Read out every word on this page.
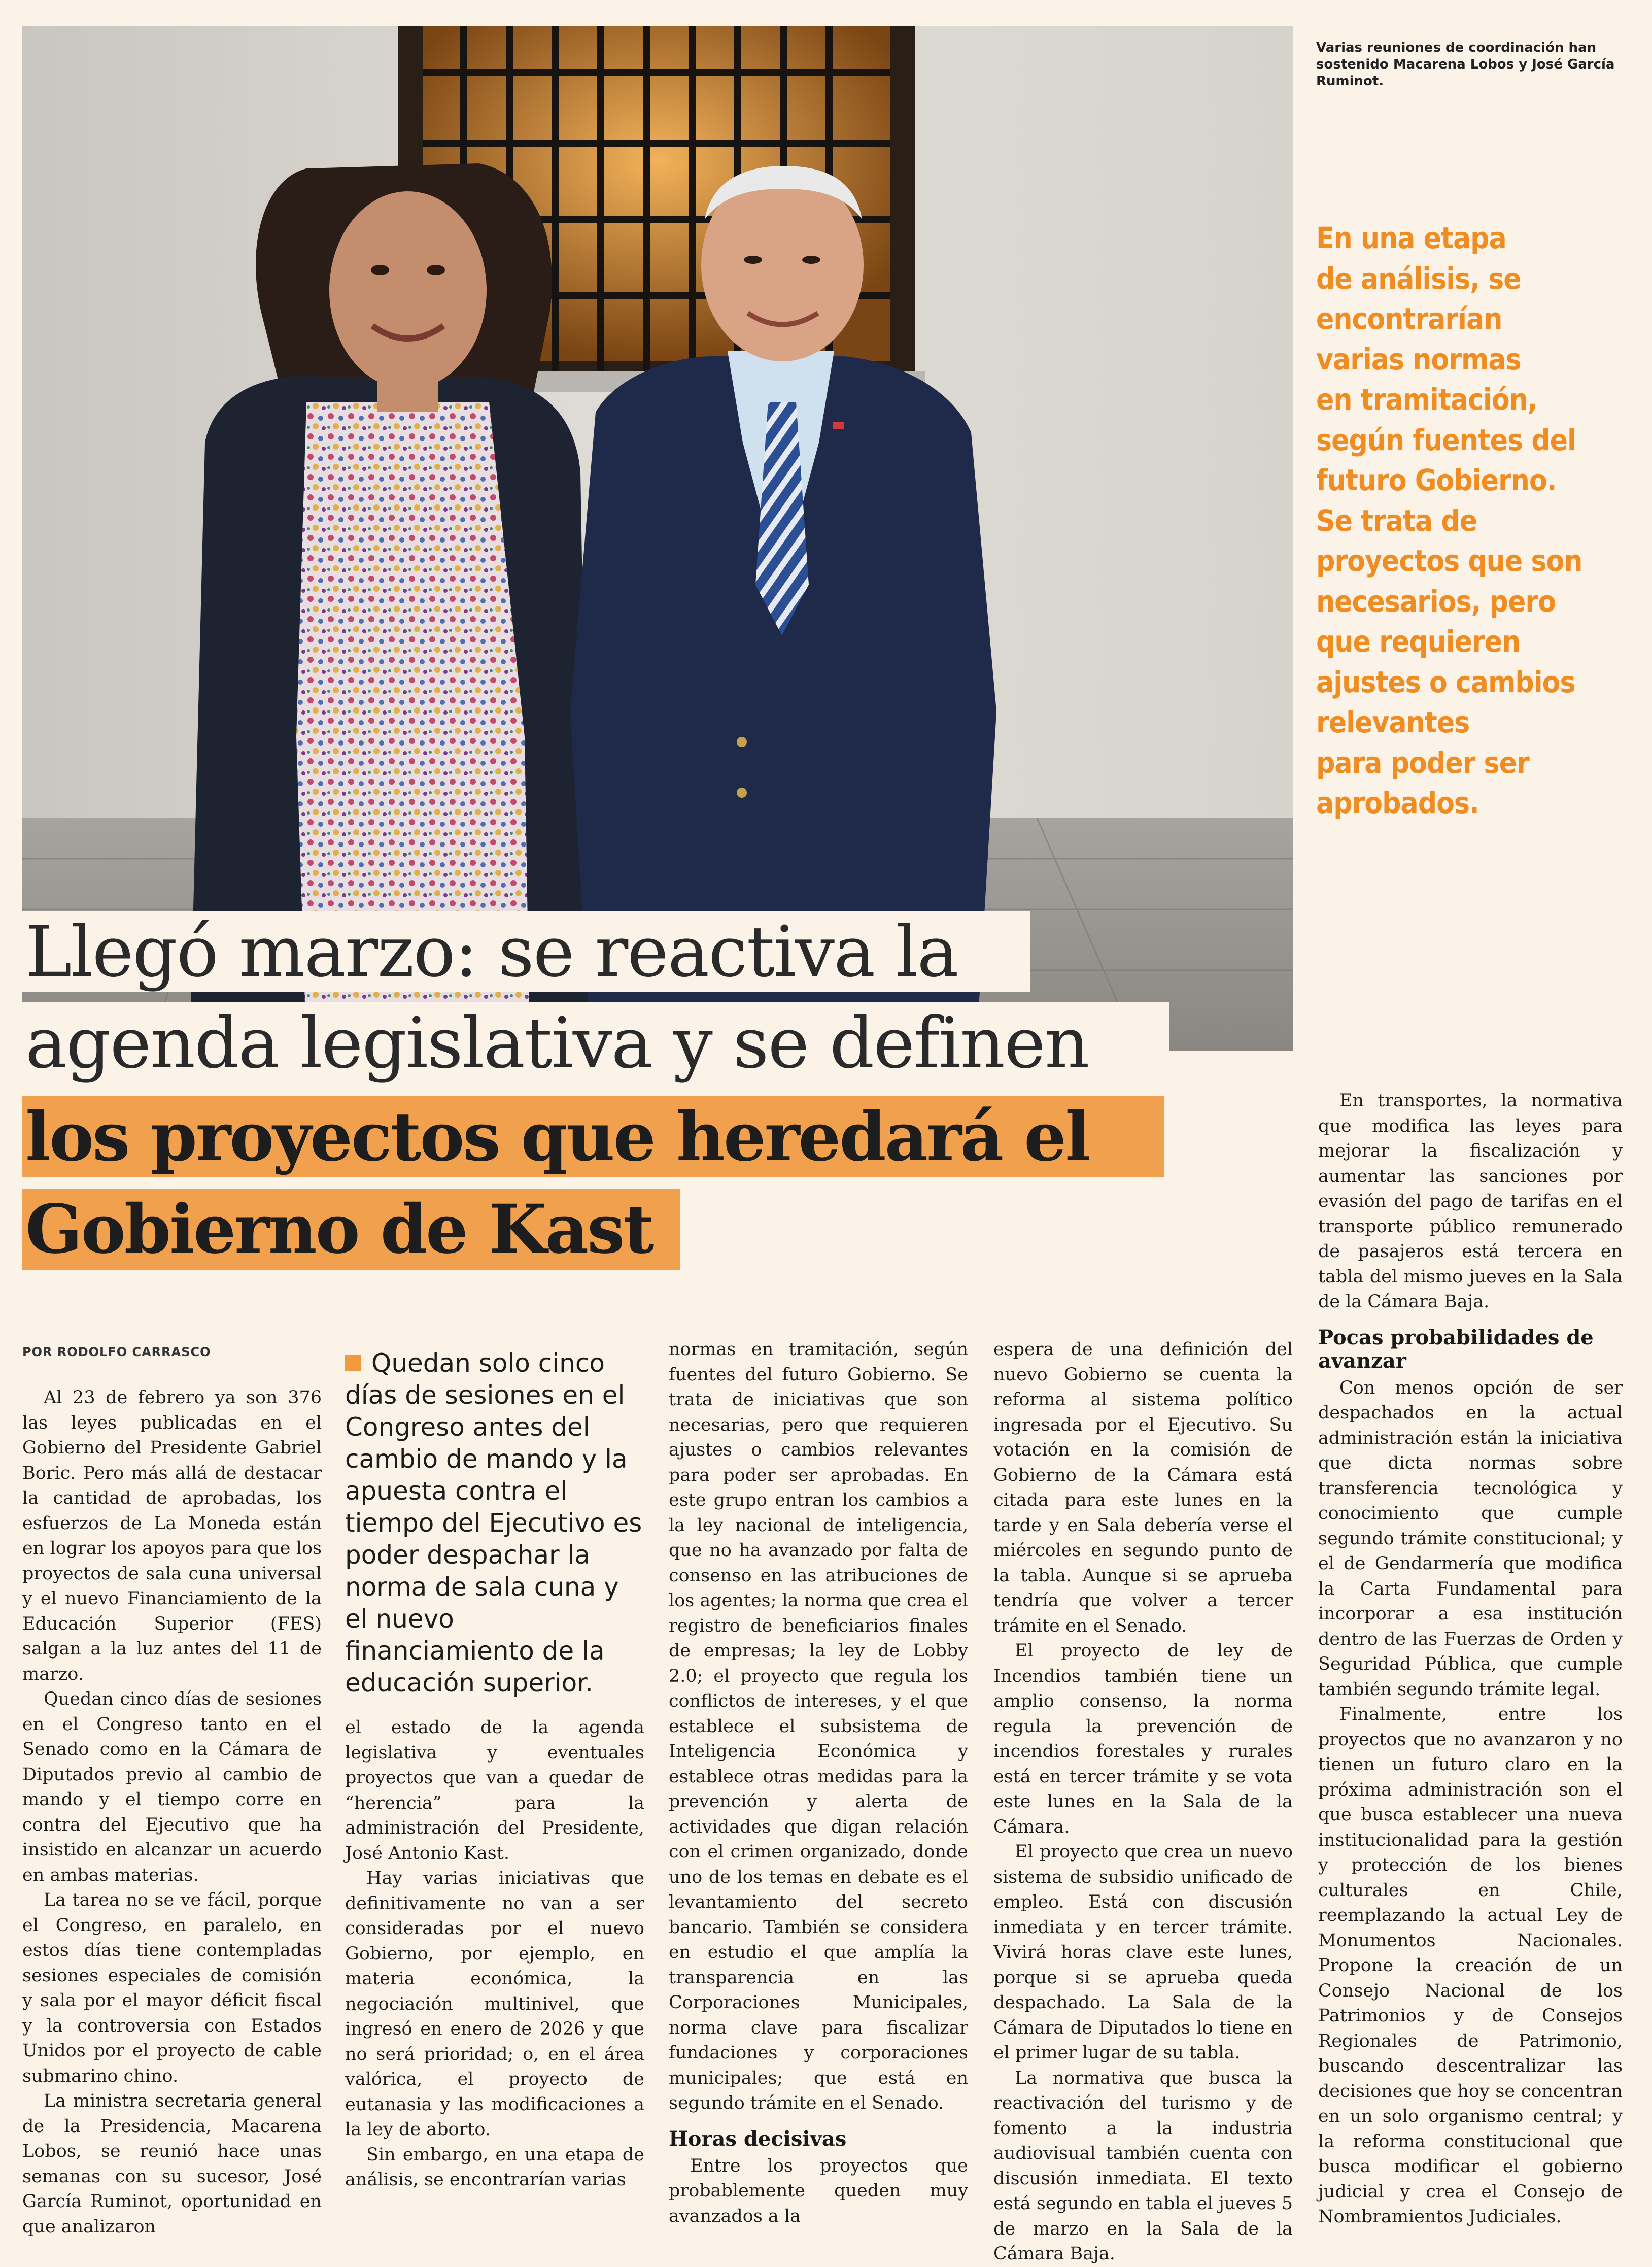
Varias reuniones de coordinación han sostenido Macarena Lobos y José García Ruminot.
En una etapa
de análisis, se
encontrarían
varias normas
en tramitación,
según fuentes del
futuro Gobierno.
Se trata de
proyectos que son
necesarios, pero
que requieren
ajustes o cambios
relevantes
para poder ser
aprobados.
Llegó marzo: se reactiva la
agenda legislativa y se definen
los proyectos que heredará el
Gobierno de Kast
POR RODOLFO CARRASCO

Al 23 de febrero ya son 376 las leyes publicadas en el Gobierno del Presidente Gabriel Boric. Pero más allá de destacar la cantidad de aprobadas, los esfuerzos de La Moneda están en lograr los apoyos para que los proyectos de sala cuna universal y el nuevo Financiamiento de la Educación Superior (FES) salgan a la luz antes del 11 de marzo.

Quedan cinco días de sesiones en el Congreso tanto en el Senado como en la Cámara de Diputados previo al cambio de mando y el tiempo corre en contra del Ejecutivo que ha insistido en alcanzar un acuerdo en ambas materias.

La tarea no se ve fácil, porque el Congreso, en paralelo, en estos días tiene contempladas sesiones especiales de comisión y sala por el mayor déficit fiscal y la controversia con Estados Unidos por el proyecto de cable submarino chino.

La ministra secretaria general de la Presidencia, Macarena Lobos, se reunió hace unas semanas con su sucesor, José García Ruminot, oportunidad en que analizaron

Quedan solo cinco días de sesiones en el Congreso antes del cambio de mando y la apuesta contra el tiempo del Ejecutivo es poder despachar la norma de sala cuna y el nuevo financiamiento de la educación superior.

el estado de la agenda legislativa y eventuales proyectos que van a quedar de “herencia” para la administración del Presidente, José Antonio Kast.

Hay varias iniciativas que definitivamente no van a ser consideradas por el nuevo Gobierno, por ejemplo, en materia económica, la negociación multinivel, que ingresó en enero de 2026 y que no será prioridad; o, en el área valórica, el proyecto de eutanasia y las modificaciones a la ley de aborto.

Sin embargo, en una etapa de análisis, se encontrarían varias

normas en tramitación, según fuentes del futuro Gobierno. Se trata de iniciativas que son necesarias, pero que requieren ajustes o cambios relevantes para poder ser aprobadas. En este grupo entran los cambios a la ley nacional de inteligencia, que no ha avanzado por falta de consenso en las atribuciones de los agentes; la norma que crea el registro de beneficiarios finales de empresas; la ley de Lobby 2.0; el proyecto que regula los conflictos de intereses, y el que establece el subsistema de Inteligencia Económica y establece otras medidas para la prevención y alerta de actividades que digan relación con el crimen organizado, donde uno de los temas en debate es el levantamiento del secreto bancario. También se considera en estudio el que amplía la transparencia en las Corporaciones Municipales, norma clave para fiscalizar fundaciones y corporaciones municipales; que está en segundo trámite en el Senado.

Horas decisivas

Entre los proyectos que probablemente queden muy avanzados a la

espera de una definición del nuevo Gobierno se cuenta la reforma al sistema político ingresada por el Ejecutivo. Su votación en la comisión de Gobierno de la Cámara está citada para este lunes en la tarde y en Sala debería verse el miércoles en segundo punto de la tabla. Aunque si se aprueba tendría que volver a tercer trámite en el Senado.

El proyecto de ley de Incendios también tiene un amplio consenso, la norma regula la prevención de incendios forestales y rurales está en tercer trámite y se vota este lunes en la Sala de la Cámara.

El proyecto que crea un nuevo sistema de subsidio unificado de empleo. Está con discusión inmediata y en tercer trámite. Vivirá horas clave este lunes, porque si se aprueba queda despachado. La Sala de la Cámara de Diputados lo tiene en el primer lugar de su tabla.

La normativa que busca la reactivación del turismo y de fomento a la industria audiovisual también cuenta con discusión inmediata. El texto está segundo en tabla el jueves 5 de marzo en la Sala de la Cámara Baja.

En transportes, la normativa que modifica las leyes para mejorar la fiscalización y aumentar las sanciones por evasión del pago de tarifas en el transporte público remunerado de pasajeros está tercera en tabla del mismo jueves en la Sala de la Cámara Baja.

Pocas probabilidades de avanzar

Con menos opción de ser despachados en la actual administración están la iniciativa que dicta normas sobre transferencia tecnológica y conocimiento que cumple segundo trámite constitucional; y el de Gendarmería que modifica la Carta Fundamental para incorporar a esa institución dentro de las Fuerzas de Orden y Seguridad Pública, que cumple también segundo trámite legal.

Finalmente, entre los proyectos que no avanzaron y no tienen un futuro claro en la próxima administración son el que busca establecer una nueva institucionalidad para la gestión y protección de los bienes culturales en Chile, reemplazando la actual Ley de Monumentos Nacionales. Propone la creación de un Consejo Nacional de los Patrimonios y de Consejos Regionales de Patrimonio, buscando descentralizar las decisiones que hoy se concentran en un solo organismo central; y la reforma constitucional que busca modificar el gobierno judicial y crea el Consejo de Nombramientos Judiciales.
